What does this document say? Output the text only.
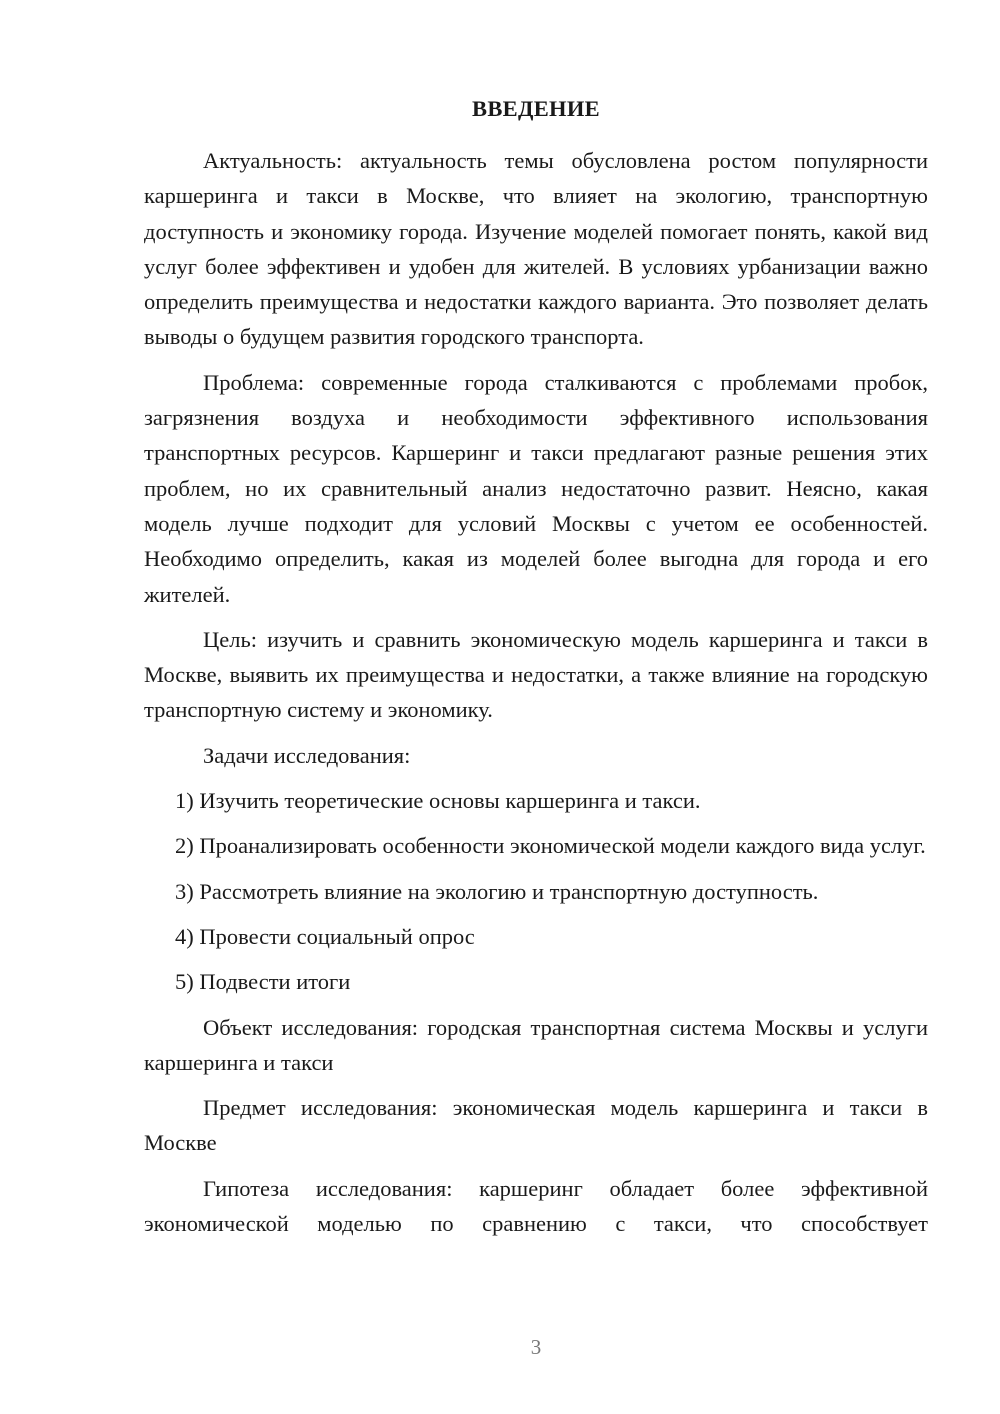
ВВЕДЕНИЕ

Актуальность: актуальность темы обусловлена ростом популярности каршеринга и такси в Москве, что влияет на экологию, транспортную доступность и экономику города. Изучение моделей помогает понять, какой вид услуг более эффективен и удобен для жителей. В условиях урбанизации важно определить преимущества и недостатки каждого варианта. Это позволяет делать выводы о будущем развития городского транспорта.

Проблема: современные города сталкиваются с проблемами пробок, загрязнения воздуха и необходимости эффективного использования транспортных ресурсов. Каршеринг и такси предлагают разные решения этих проблем, но их сравнительный анализ недостаточно развит. Неясно, какая модель лучше подходит для условий Москвы с учетом ее особенностей. Необходимо определить, какая из моделей более выгодна для города и его жителей.

Цель: изучить и сравнить экономическую модель каршеринга и такси в Москве, выявить их преимущества и недостатки, а также влияние на городскую транспортную систему и экономику.

Задачи исследования:

1) Изучить теоретические основы каршеринга и такси.

2) Проанализировать особенности экономической модели каждого вида услуг.

3) Рассмотреть влияние на экологию и транспортную доступность.

4) Провести социальный опрос

5) Подвести итоги

Объект исследования: городская транспортная система Москвы и услуги каршеринга и такси

Предмет исследования: экономическая модель каршеринга и такси в Москве

Гипотеза исследования: каршеринг обладает более эффективной экономической моделью по сравнению с такси, что способствует

3
